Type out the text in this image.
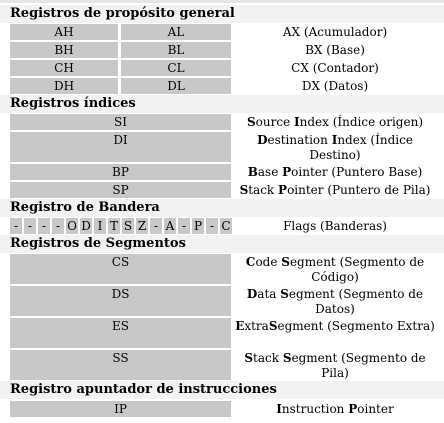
Registros de propósito general
AH	AL	AX (Acumulador)
BH	BL	BX (Base)
CH	CL	CX (Contador)
DH	DL	DX (Datos)
Registros índices
SI	Source Index (Índice origen)
DI	Destination Index (Índice Destino)
BP	Base Pointer (Puntero Base)
SP	Stack Pointer (Puntero de Pila)
Registro de Bandera
- - - - O D I T S Z - A - P - C	Flags (Banderas)
Registros de Segmentos
CS	Code Segment (Segmento de Código)
DS	Data Segment (Segmento de Datos)
ES	ExtraSegment (Segmento Extra)
SS	Stack Segment (Segmento de Pila)
Registro apuntador de instrucciones
IP	Instruction Pointer
